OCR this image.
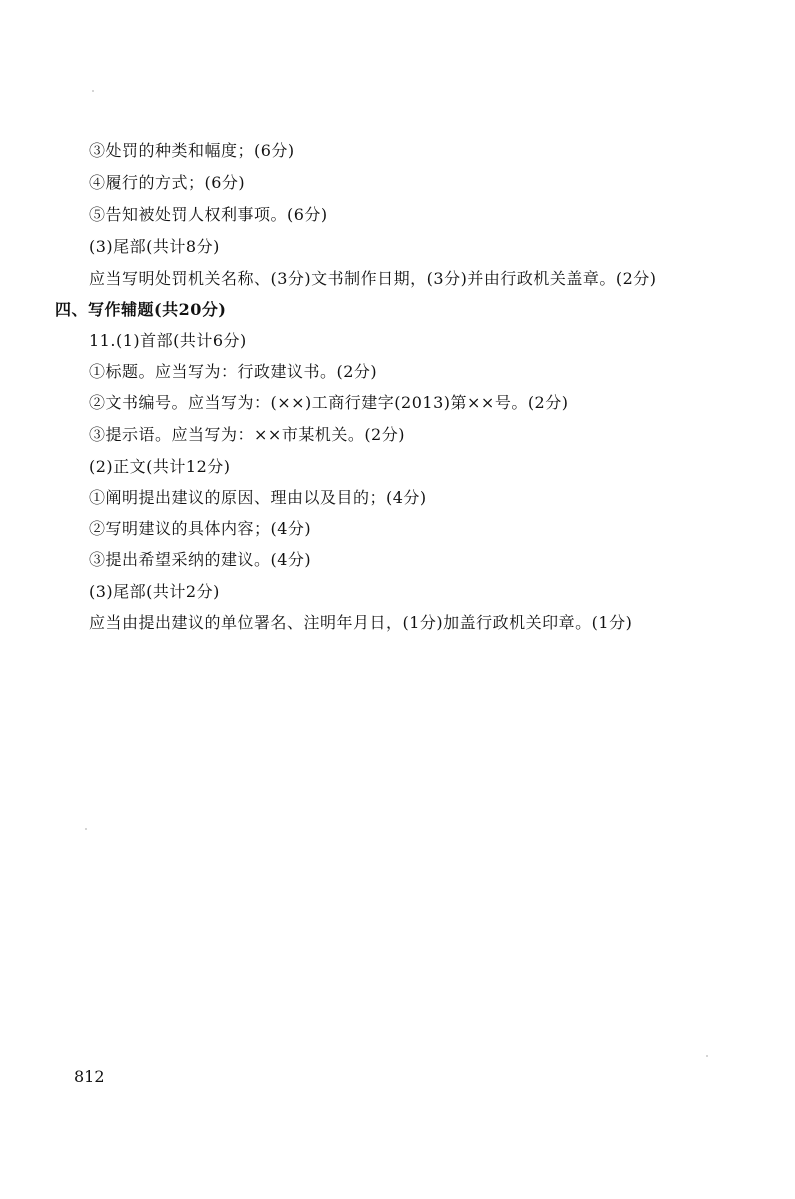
③处罚的种类和幅度；(6分)
④履行的方式；(6分)
⑤告知被处罚人权利事项。(6分)
(3)尾部(共计8分)
应当写明处罚机关名称、(3分)文书制作日期，(3分)并由行政机关盖章。(2分)
四、写作辅题(共20分)
11.(1)首部(共计6分)
①标题。应当写为：行政建议书。(2分)
②文书编号。应当写为：(××)工商行建字(2013)第××号。(2分)
③提示语。应当写为：××市某机关。(2分)
(2)正文(共计12分)
①阐明提出建议的原因、理由以及目的；(4分)
②写明建议的具体内容；(4分)
③提出希望采纳的建议。(4分)
(3)尾部(共计2分)
应当由提出建议的单位署名、注明年月日，(1分)加盖行政机关印章。(1分)
812
